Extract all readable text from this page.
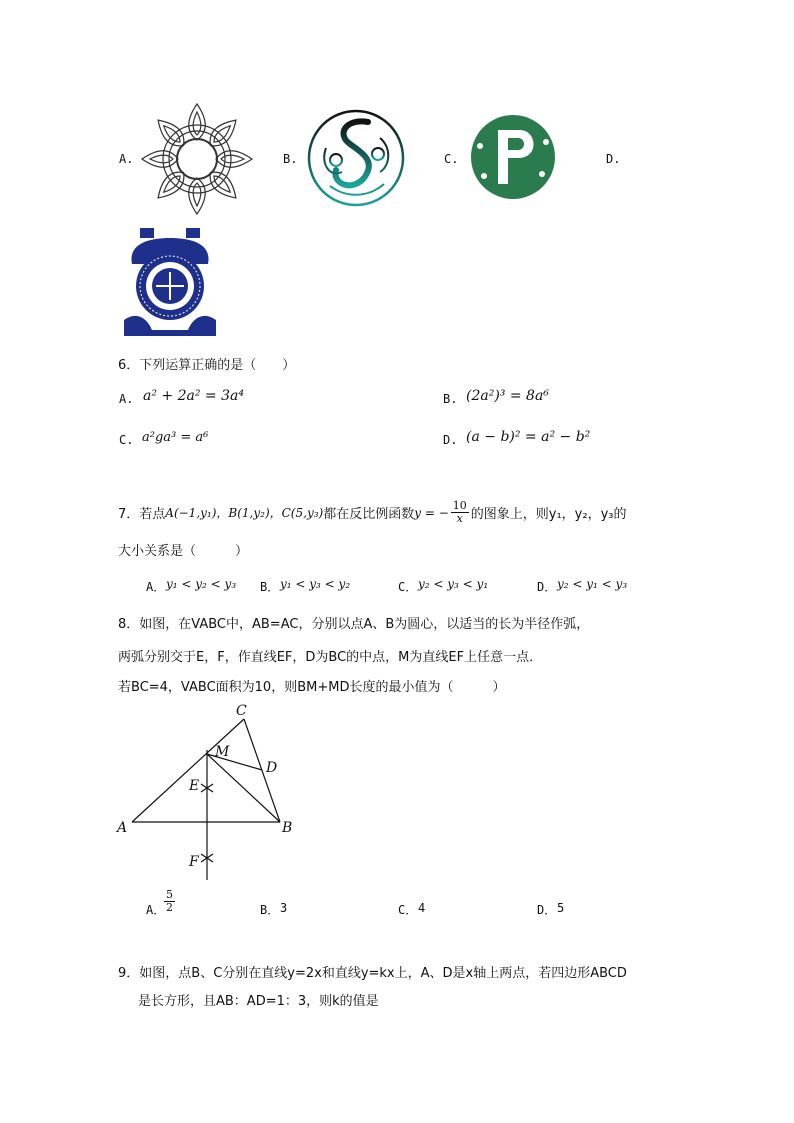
A.	B.	C.	D.
6．下列运算正确的是（　　）
A. a² + 2a² = 3a⁴	B. (2a²)³ = 8a⁶
C. a²ga³ = a⁶	D. (a − b)² = a² − b²
7．若点 A(−1,y₁)，B(1,y₂)，C(5,y₃) 都在反比例函数 y = − $\frac{10}{x}$ 的图象上，则y₁，y₂，y₃的
大小关系是（　　　）
A． y₁ < y₂ < y₃ B． y₁ < y₃ < y₂	C． y₂ < y₃ < y₁	D． y₂ < y₁ < y₃
8．如图，在VABC中，AB=AC，分别以点A、B为圆心，以适当的长为半径作弧，
两弧分别交于E，F，作直线EF，D为BC的中点，M为直线EF上任意一点．
若BC=4，VABC面积为10，则BM+MD长度的最小值为（　　　）
A	B
C
D
E
F
M
A．
$\frac{5}{2}$	B． 3	C． 4	D． 5
9．如图，点B、C分别在直线y=2x和直线y=kx上，A、D是x轴上两点，若四边形ABCD
是长方形，且AB：AD=1：3，则k的值是
